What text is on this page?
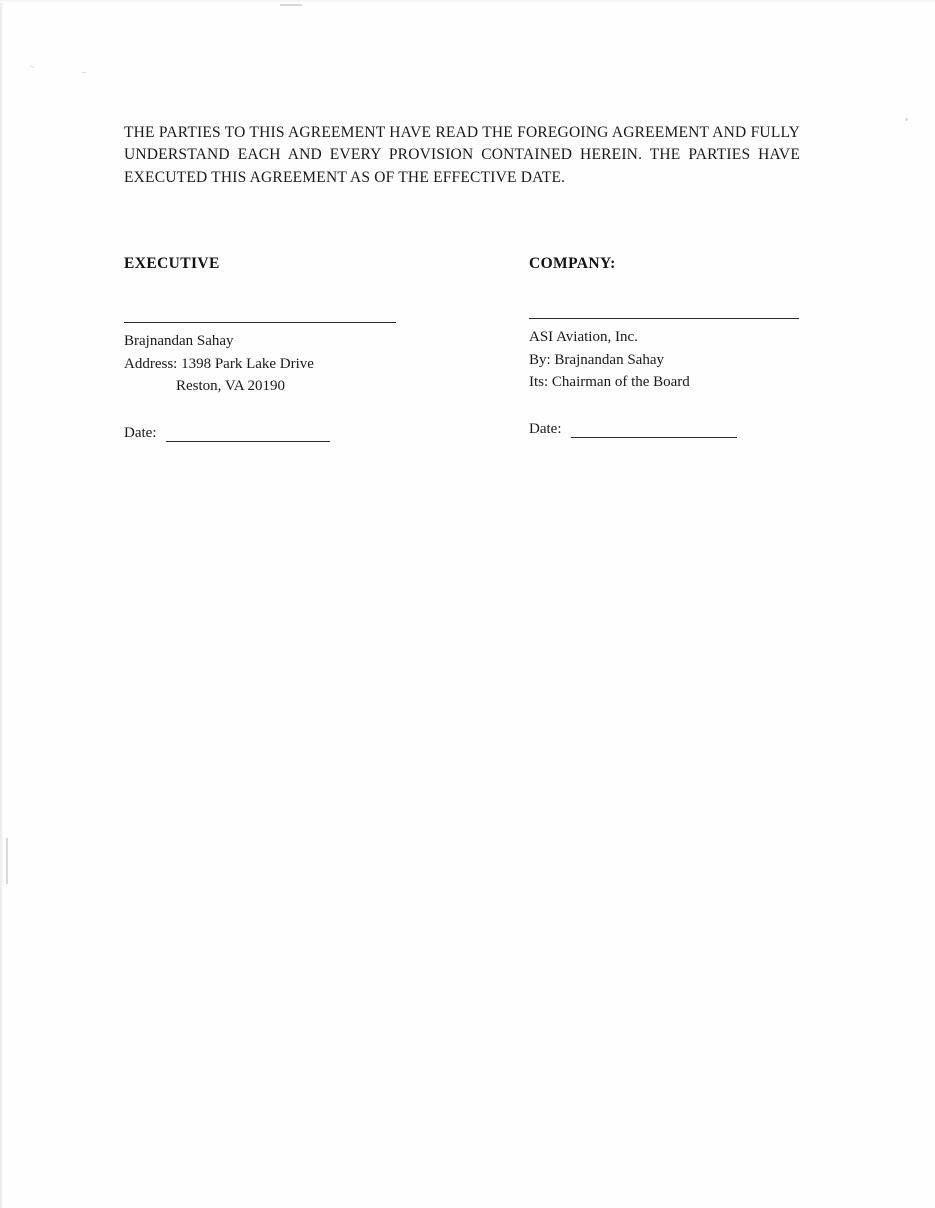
~	_

THE PARTIES TO THIS AGREEMENT HAVE READ THE FOREGOING AGREEMENT AND FULLY UNDERSTAND EACH AND EVERY PROVISION CONTAINED HEREIN. THE PARTIES HAVE EXECUTED THIS AGREEMENT AS OF THE EFFECTIVE DATE.

EXECUTIVE
Brajnandan Sahay
Address: 1398 Park Lake Drive

Reston, VA 20190
Date:
COMPANY:
ASI Aviation, Inc.
By: Brajnandan Sahay
Its: Chairman of the Board
Date:
